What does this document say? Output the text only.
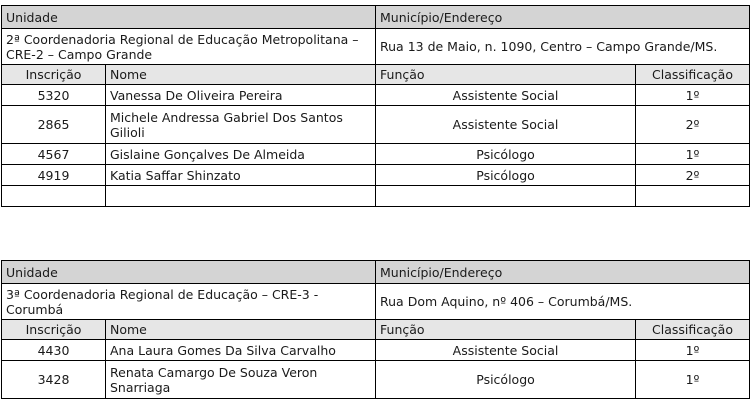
Unidade		Município/Endereço	
2ª Coordenadoria Regional de Educação Metropolitana – CRE-2 – Campo Grande		Rua 13 de Maio, n. 1090, Centro – Campo Grande/MS.	
Inscrição	Nome	Função	Classificação
5320	Vanessa De Oliveira Pereira	Assistente Social	1º
2865	Michele Andressa Gabriel Dos Santos Gilioli	Assistente Social	2º
4567	Gislaine Gonçalves De Almeida	Psicólogo	1º
4919	Katia Saffar Shinzato	Psicólogo	2º

Unidade		Município/Endereço	
3ª Coordenadoria Regional de Educação – CRE-3 - Corumbá		Rua Dom Aquino, nº 406 – Corumbá/MS.	
Inscrição	Nome	Função	Classificação
4430	Ana Laura Gomes Da Silva Carvalho	Assistente Social	1º
3428	Renata Camargo De Souza Veron Snarriaga	Psicólogo	1º
